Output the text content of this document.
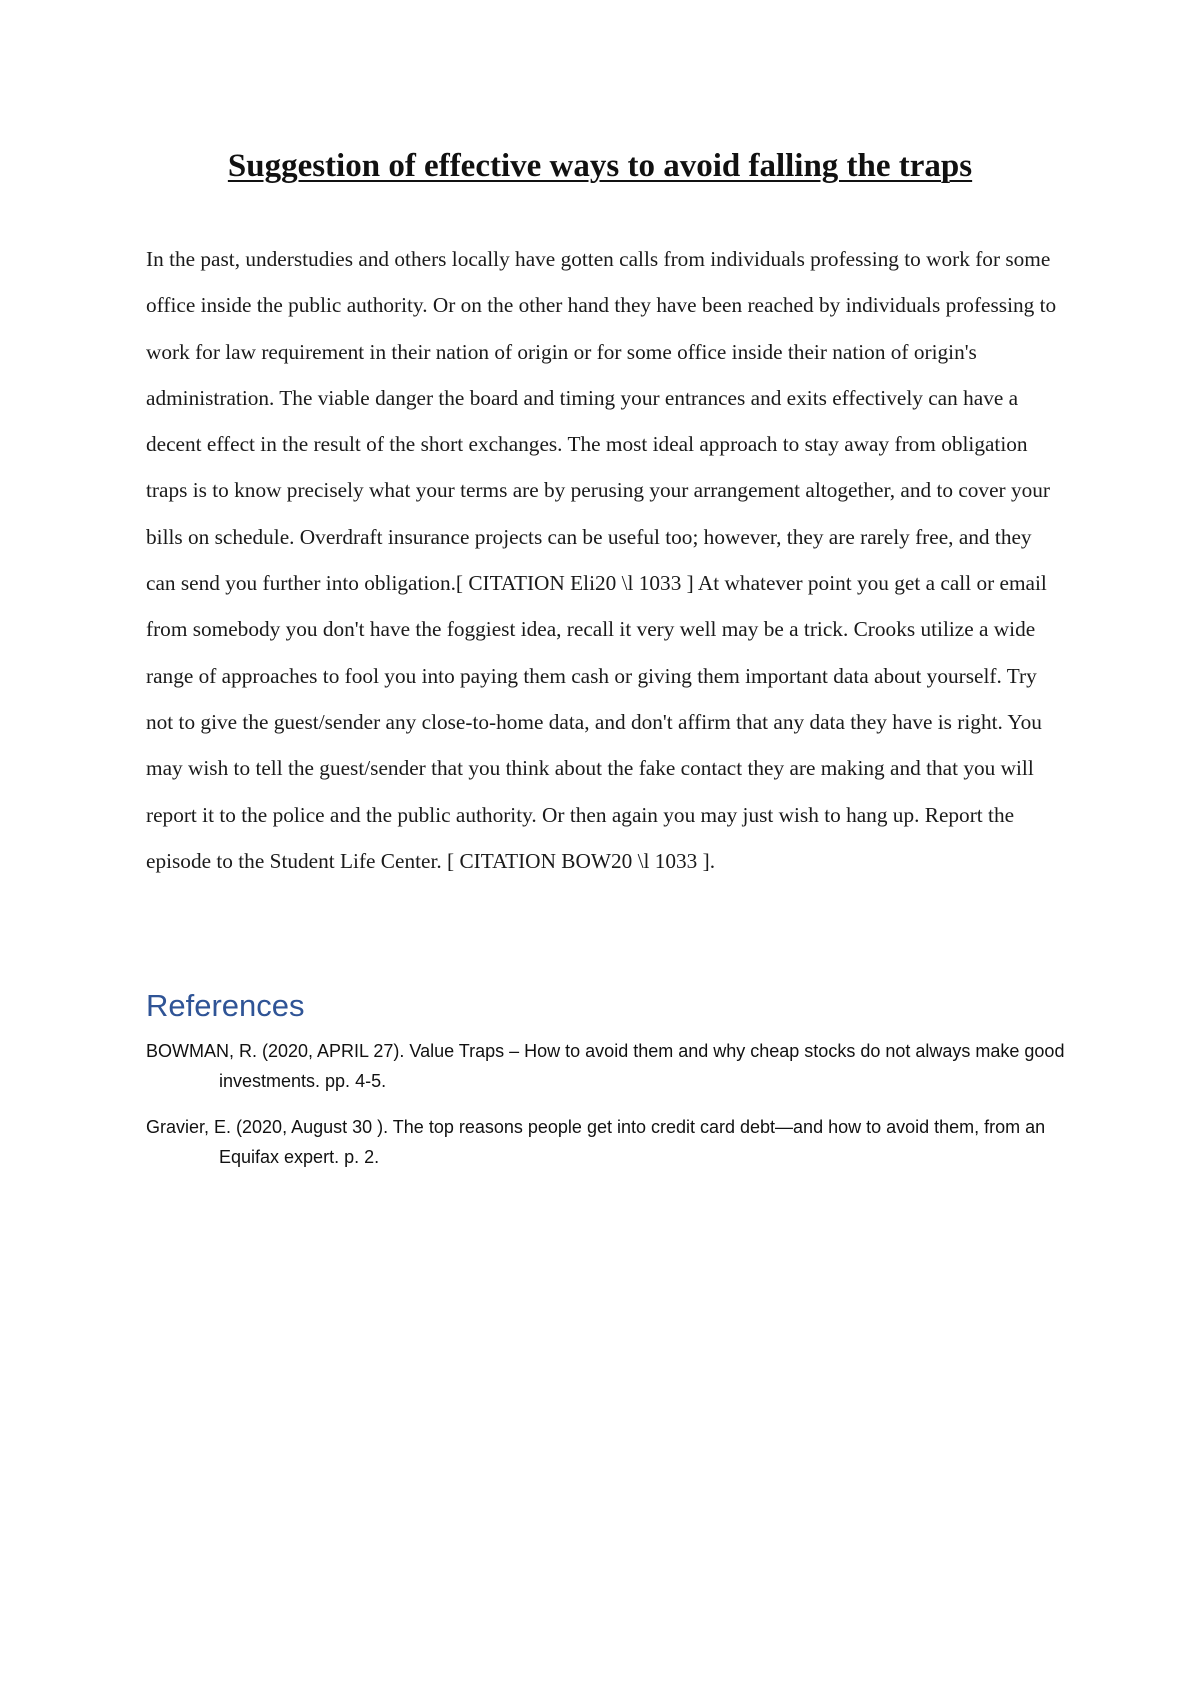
Suggestion of effective ways to avoid falling the traps

In the past, understudies and others locally have gotten calls from individuals professing to work for some office inside the public authority. Or on the other hand they have been reached by individuals professing to work for law requirement in their nation of origin or for some office inside their nation of origin's administration. The viable danger the board and timing your entrances and exits effectively can have a decent effect in the result of the short exchanges. The most ideal approach to stay away from obligation traps is to know precisely what your terms are by perusing your arrangement altogether, and to cover your bills on schedule. Overdraft insurance projects can be useful too; however, they are rarely free, and they can send you further into obligation.[ CITATION Eli20 \l 1033 ] At whatever point you get a call or email from somebody you don't have the foggiest idea, recall it very well may be a trick. Crooks utilize a wide range of approaches to fool you into paying them cash or giving them important data about yourself. Try not to give the guest/sender any close-to-home data, and don't affirm that any data they have is right. You may wish to tell the guest/sender that you think about the fake contact they are making and that you will report it to the police and the public authority. Or then again you may just wish to hang up. Report the episode to the Student Life Center. [ CITATION BOW20 \l 1033 ].

References
BOWMAN, R. (2020, APRIL 27). Value Traps – How to avoid them and why cheap stocks do not always make good investments. pp. 4-5.
Gravier, E. (2020, August 30 ). The top reasons people get into credit card debt—and how to avoid them, from an Equifax expert. p. 2.
